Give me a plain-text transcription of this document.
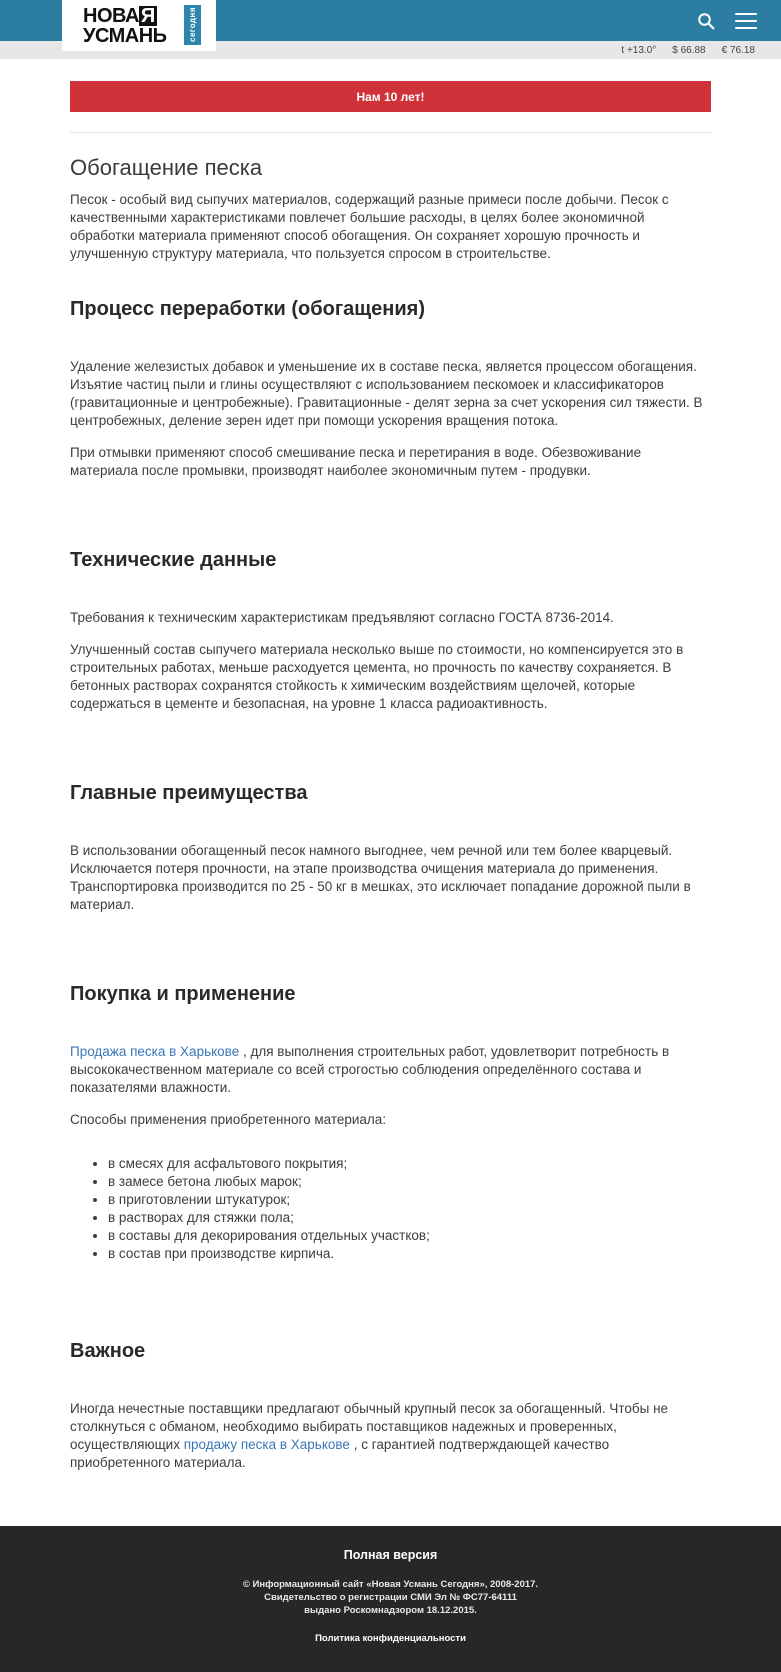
НОВА Я
УСМАНЬ	сегодня
t +13.0° $ 66.88 € 76.18
Нам 10 лет!
Обогащение песка

Песок - особый вид сыпучих материалов, содержащий разные примеси после добычи. Песок с качественными характеристиками повлечет большие расходы, в целях более экономичной обработки материала применяют способ обогащения. Он сохраняет хорошую прочность и улучшенную структуру материала, что пользуется спросом в строительстве.

Процесс переработки (обогащения)

Удаление железистых добавок и уменьшение их в составе песка, является процессом обогащения. Изъятие частиц пыли и глины осуществляют с использованием пескомоек и классификаторов (гравитационные и центробежные). Гравитационные - делят зерна за счет ускорения сил тяжести. В центробежных, деление зерен идет при помощи ускорения вращения потока.

При отмывки применяют способ смешивание песка и перетирания в воде. Обезвоживание материала после промывки, производят наиболее экономичным путем - продувки.

Технические данные

Требования к техническим характеристикам предъявляют согласно ГОСТА 8736-2014.

Улучшенный состав сыпучего материала несколько выше по стоимости, но компенсируется это в строительных работах, меньше расходуется цемента, но прочность по качеству сохраняется. В бетонных растворах сохранятся стойкость к химическим воздействиям щелочей, которые содержаться в цементе и безопасная, на уровне 1 класса радиоактивность.

Главные преимущества

В использовании обогащенный песок намного выгоднее, чем речной или тем более кварцевый. Исключается потеря прочности, на этапе производства очищения материала до применения. Транспортировка производится по 25 - 50 кг в мешках, это исключает попадание дорожной пыли в материал.

Покупка и применение

Продажа песка в Харькове , для выполнения строительных работ, удовлетворит потребность в высококачественном материале со всей строгостью соблюдения определённого состава и показателями влажности.

Способы применения приобретенного материала:

• в смесях для асфальтового покрытия;
• в замесе бетона любых марок;
• в приготовлении штукатурок;
• в растворах для стяжки пола;
• в составы для декорирования отдельных участков;
• в состав при производстве кирпича.
Важное

Иногда нечестные поставщики предлагают обычный крупный песок за обогащенный. Чтобы не столкнуться с обманом, необходимо выбирать поставщиков надежных и проверенных, осуществляющих продажу песка в Харькове , с гарантией подтверждающей качество приобретенного материала.

Полная версия
© Информационный сайт «Новая Усмань Сегодня», 2008-2017.
Свидетельство о регистрации СМИ Эл № ФС77-64111
выдано Роскомнадзором 18.12.2015.
Политика конфиденциальности
